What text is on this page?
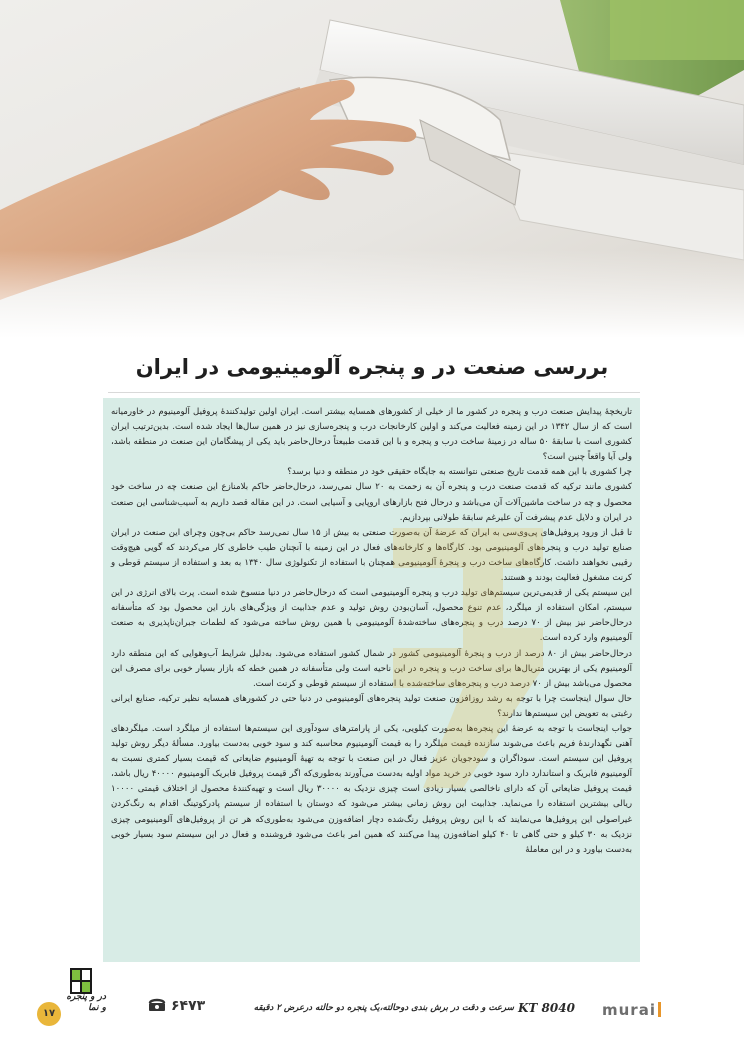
بررسی صنعت در و پنجره آلومینیومی در ایران

تاریخچهٔ پیدایش صنعت درب و پنجره در کشور ما از خیلی از کشورهای همسایه بیشتر است. ایران اولین تولیدکنندهٔ پروفیل آلومینیوم در خاورمیانه است که از سال ۱۳۴۲ در این زمینه فعالیت می‌کند و اولین کارخانجات درب و پنجره‌سازی نیز در همین سال‌ها ایجاد شده است. بدین‌ترتیب ایران کشوری است با سابقهٔ ۵۰ ساله در زمینهٔ ساخت درب و پنجره و با این قدمت طبیعتاً درحال‌حاضر باید یکی از پیشگامان این صنعت در منطقه باشد، ولی آیا واقعاً چنین است؟

چرا کشوری با این همه قدمت تاریخ صنعتی نتوانسته به جایگاه حقیقی خود در منطقه و دنیا برسد؟

کشوری مانند ترکیه که قدمت صنعت درب و پنجره آن به زحمت به ۲۰ سال نمی‌رسد، درحال‌حاضر حاکم بلامنازع این صنعت چه در ساخت خود محصول و چه در ساخت ماشین‌آلات آن می‌باشد و درحال فتح بازارهای اروپایی و آسیایی است. در این مقاله قصد داریم به آسیب‌شناسی این صنعت در ایران و دلایل عدم پیشرفت آن علیرغم سابقهٔ طولانی بپردازیم.

تا قبل از ورود پروفیل‌های پی‌وی‌سی به ایران که عرضهٔ آن به‌صورت صنعتی به بیش از ۱۵ سال نمی‌رسد حاکم بی‌چون وچرای این صنعت در ایران صنایع تولید درب و پنجره‌های آلومینیومی بود. کارگاه‌ها و کارخانه‌های فعال در این زمینه با آنچنان طیب خاطری کار می‌کردند که گویی هیچ‌وقت رقیبی نخواهند داشت. کارگاه‌های ساخت درب و پنجرهٔ آلومینیومی همچنان با استفاده از تکنولوژی سال ۱۳۴۰ به بعد و استفاده از سیستم قوطی و کرنت مشغول فعالیت بودند و هستند.

این سیستم یکی از قدیمی‌ترین سیستم‌های تولید درب و پنجره آلومینیومی است که درحال‌حاضر در دنیا منسوخ شده است. پرت بالای انرژی در این سیستم، امکان استفاده از میلگرد، عدم تنوع محصول، آسان‌بودن روش تولید و عدم جذابیت از ویژگی‌های بارز این محصول بود که متأسفانه درحال‌حاضر نیز بیش از ۷۰ درصد درب و پنجره‌های ساخته‌شدهٔ آلومینیومی با همین روش ساخته می‌شود که لطمات جبران‌ناپذیری به صنعت آلومینیوم وارد کرده است.

درحال‌حاضر بیش از ۸۰ درصد از درب و پنجرهٔ آلومینیومی کشور در شمال کشور استفاده می‌شود. به‌دلیل شرایط آب‌وهوایی که این منطقه دارد آلومینیوم یکی از بهترین متریال‌ها برای ساخت درب و پنجره در این ناحیه است ولی متأسفانه در همین خطه که بازار بسیار خوبی برای مصرف این محصول می‌باشد بیش از ۷۰ درصد درب و پنجره‌های ساخته‌شده با استفاده از سیستم قوطی و کرنت است.

حال سوال اینجاست چرا با توجه به رشد روزافزون صنعت تولید پنجره‌های آلومینیومی در دنیا حتی در کشورهای همسایه نظیر ترکیه، صنایع ایرانی رغبتی به تعویض این سیستم‌ها ندارند؟

جواب اینجاست با توجه به عرضهٔ این پنجره‌ها به‌صورت کیلویی، یکی از پارامترهای سودآوری این سیستم‌ها استفاده از میلگرد است. میلگردهای آهنی نگهدارندهٔ فریم باعث می‌شوند سازنده قیمت میلگرد را به قیمت آلومینیوم محاسبه کند و سود خوبی به‌دست بیاورد. مسألهٔ دیگر روش تولید پروفیل این سیستم است. سوداگران و سودجویان عزیز فعال در این صنعت با توجه به تهیهٔ آلومینیوم ضایعاتی که قیمت بسیار کمتری نسبت به آلومینیوم فابریک و استاندارد دارد سود خوبی در خرید مواد اولیه به‌دست می‌آورند به‌طوری‌که اگر قیمت پروفیل فابریک آلومینیوم ۴۰۰۰۰ ریال باشد، قیمت پروفیل ضایعاتی آن که دارای ناخالصی بسیار زیادی است چیزی نزدیک به ۳۰۰۰۰ ریال است و تهیه‌کنندهٔ محصول از اختلاف قیمتی ۱۰۰۰۰ ریالی بیشترین استفاده را می‌نماید. جذابیت این روش زمانی بیشتر می‌شود که دوستان با استفاده از سیستم پادرکوتینگ اقدام به رنگ‌کردن غیراصولی این پروفیل‌ها می‌نمایند که با این روش پروفیل رنگ‌شده دچار اضافه‌وزن می‌شود به‌طوری‌که هر تن از پروفیل‌های آلومینیومی چیزی نزدیک به ۳۰ کیلو و حتی گاهی تا ۴۰ کیلو اضافه‌وزن پیدا می‌کنند که همین امر باعث می‌شود فروشنده و فعال در این سیستم سود بسیار خوبی به‌دست بیاورد و در این معاملهٔ

murai
KT 8040
سرعت و دقت در برش بندی دوحالته،یک پنجره دو حالته درعرض ۲ دقیقه
۶۴۷۳
در و پنجره
و نما
۱۷
